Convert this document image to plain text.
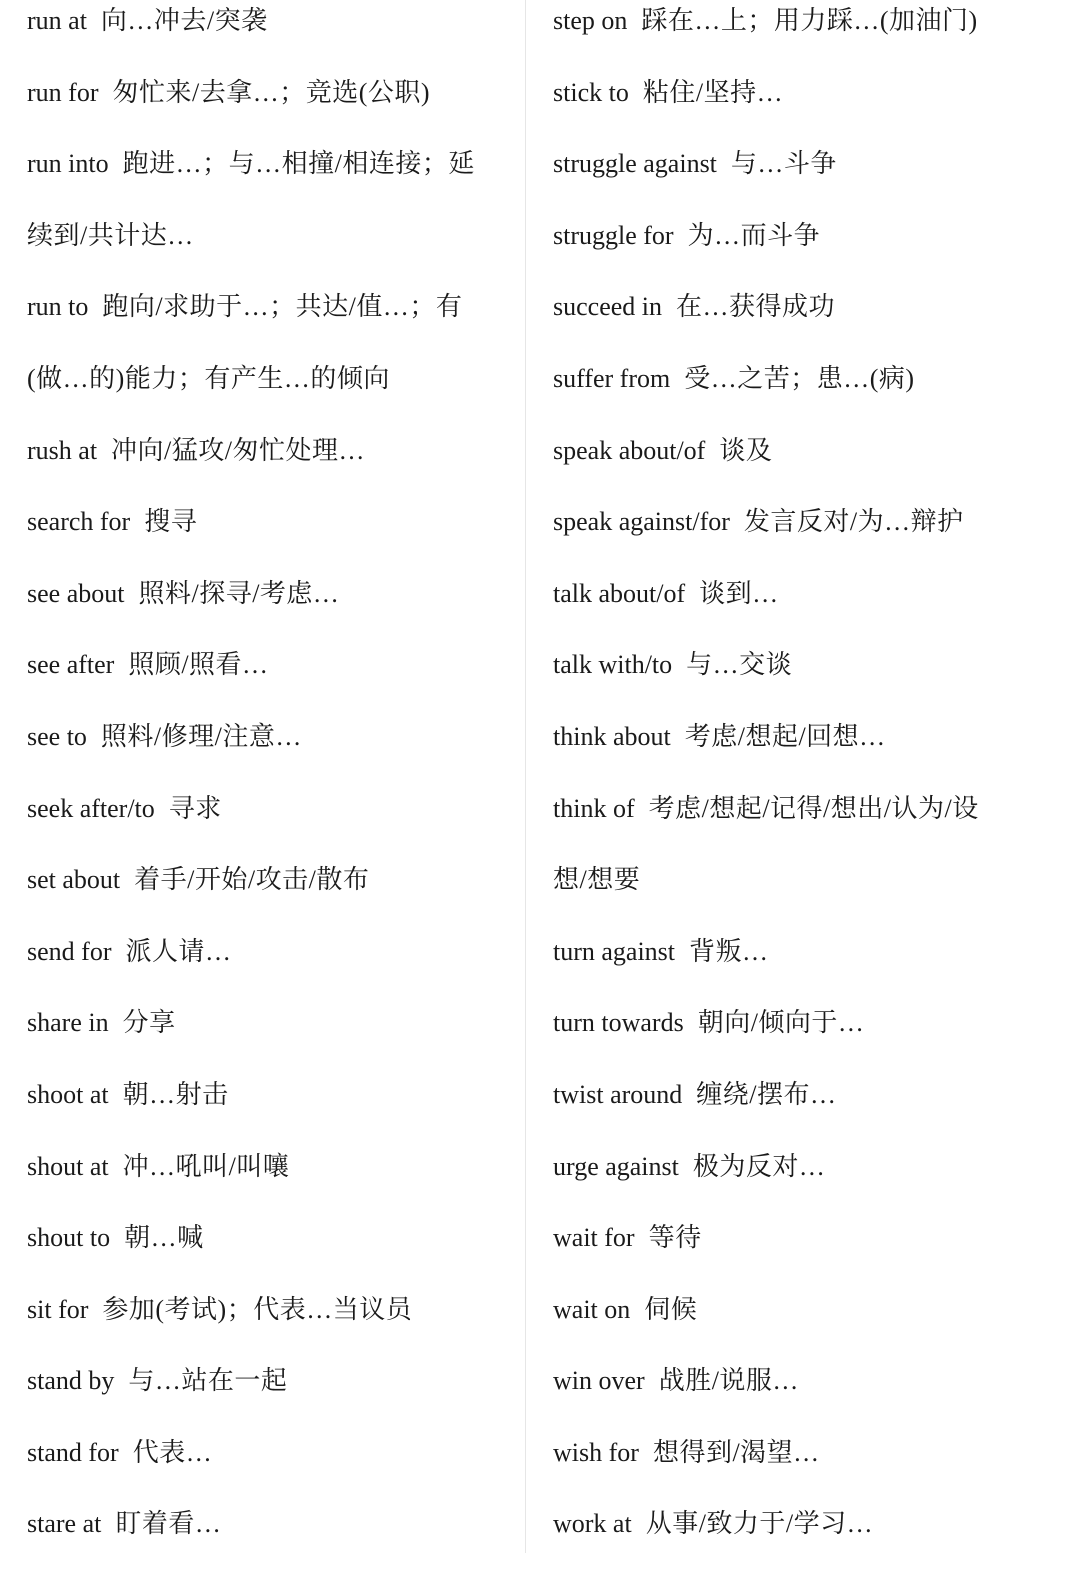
run at 向…冲去/突袭
run for 匆忙来/去拿…；竞选(公职)
run into 跑进…；与…相撞/相连接；延
续到/共计达…
run to 跑向/求助于…；共达/值…；有
(做…的)能力；有产生…的倾向
rush at 冲向/猛攻/匆忙处理…
search for 搜寻
see about 照料/探寻/考虑…
see after 照顾/照看…
see to 照料/修理/注意…
seek after/to 寻求
set about 着手/开始/攻击/散布
send for 派人请…
share in 分享
shoot at 朝…射击
shout at 冲…吼叫/叫嚷
shout to 朝…喊
sit for 参加(考试)；代表…当议员
stand by 与…站在一起
stand for 代表…
stare at 盯着看…
step on 踩在…上；用力踩…(加油门)
stick to 粘住/坚持…
struggle against 与…斗争
struggle for 为…而斗争
succeed in 在…获得成功
suffer from 受…之苦；患…(病)
speak about/of 谈及
speak against/for 发言反对/为…辩护
talk about/of 谈到…
talk with/to 与…交谈
think about 考虑/想起/回想…
think of 考虑/想起/记得/想出/认为/设
想/想要
turn against 背叛…
turn towards 朝向/倾向于…
twist around 缠绕/摆布…
urge against 极为反对…
wait for 等待
wait on 伺候
win over 战胜/说服…
wish for 想得到/渴望…
work at 从事/致力于/学习…
